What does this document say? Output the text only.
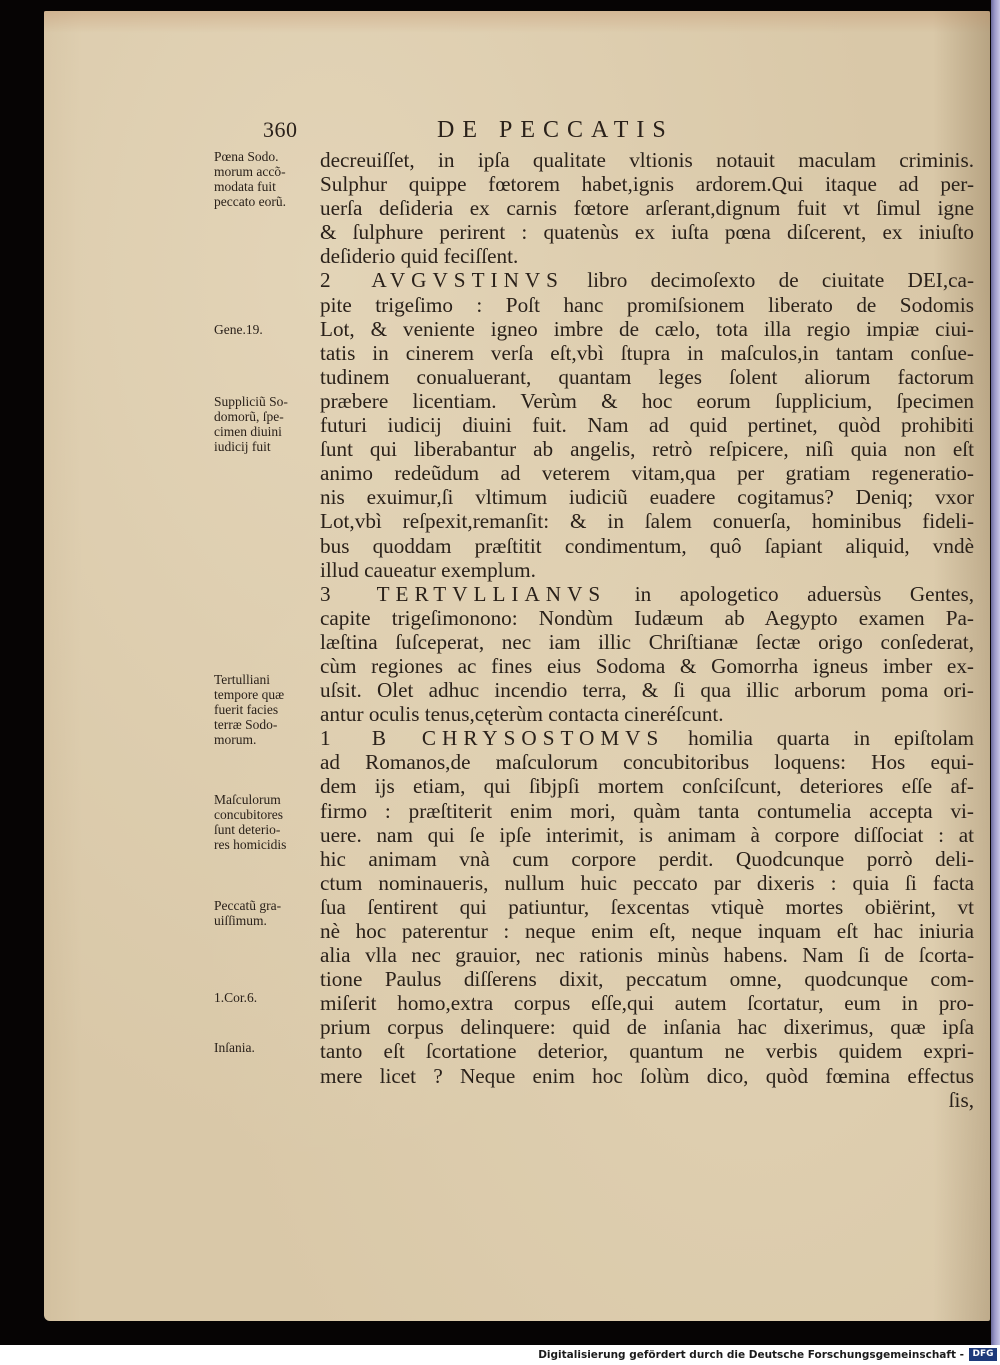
360	DE PECCATIS
decreuiſſet, in ipſa qualitate vltionis notauit maculam criminis.
Sulphur quippe fœtorem habet,ignis ardorem.Qui itaque ad per-
uerſa deſideria ex carnis fœtore arſerant,dignum fuit vt ſimul igne
& ſulphure perirent : quatenùs ex iuſta pœna diſcerent, ex iniuſto
deſiderio quid feciſſent.
2 AVGVSTINVS libro decimoſexto de ciuitate DEI,ca-
pite trigeſimo : Poſt hanc promiſsionem liberato de Sodomis
Lot, & veniente igneo imbre de cælo, tota illa regio impiæ ciui-
tatis in cinerem verſa eſt,vbì ſtupra in maſculos,in tantam conſue-
tudinem conualuerant, quantam leges ſolent aliorum factorum
præbere licentiam. Verùm & hoc eorum ſupplicium, ſpecimen
futuri iudicij diuini fuit. Nam ad quid pertinet, quòd prohibiti
ſunt qui liberabantur ab angelis, retrò reſpicere, niſì quia non eſt
animo redeũdum ad veterem vitam,qua per gratiam regeneratio-
nis exuimur,ſi vltimum iudiciũ euadere cogitamus? Deniq; vxor
Lot,vbì reſpexit,remanſit: & in ſalem conuerſa, hominibus fideli-
bus quoddam præſtitit condimentum, quô ſapiant aliquid, vndè
illud caueatur exemplum.
3 TERTVLLIANVS in apologetico aduersùs Gentes,
capite trigeſimonono: Nondùm Iudæum ab Aegypto examen Pa-
læſtina ſuſceperat, nec iam illic Chriſtianæ ſectæ origo conſederat,
cùm regiones ac fines eius Sodoma & Gomorrha igneus imber ex-
uſsit. Olet adhuc incendio terra, & ſi qua illic arborum poma ori-
antur oculis tenus,cęterùm contacta cineréſcunt.
1 B CHRYSOSTOMVS homilia quarta in epiſtolam
ad Romanos,de maſculorum concubitoribus loquens: Hos equi-
dem ijs etiam, qui ſibjpſi mortem conſciſcunt, deteriores eſſe af-
firmo : præſtiterit enim mori, quàm tanta contumelia accepta vi-
uere. nam qui ſe ipſe interimit, is animam à corpore diſſociat : at
hic animam vnà cum corpore perdit. Quodcunque porrò deli-
ctum nominaueris, nullum huic peccato par dixeris : quia ſi facta
ſua ſentirent qui patiuntur, ſexcentas vtiquè mortes obiërint, vt
nè hoc paterentur : neque enim eſt, neque inquam eſt hac iniuria
alia vlla nec grauior, nec rationis minùs habens. Nam ſi de ſcorta-
tione Paulus diſſerens dixit, peccatum omne, quodcunque com-
miſerit homo,extra corpus eſſe,qui autem ſcortatur, eum in pro-
prium corpus delinquere: quid de inſania hac dixerimus, quæ ipſa
tanto eſt ſcortatione deterior, quantum ne verbis quidem expri-
mere licet ? Neque enim hoc ſolùm dico, quòd fœmina effectus
ſis,
Pœna Sodo.
morum accõ-
modata fuit
peccato eorũ.
Gene.19.
Suppliciũ So-
domorũ, ſpe-
cimen diuini
iudicij fuit
Tertulliani
tempore quæ
fuerit facies
terræ Sodo-
morum.
Maſculorum
concubitores
ſunt deterio-
res homicidis
Peccatũ gra-
uiſſimum.
1.Cor.6.
Inſania.
Digitalisierung gefördert durch die Deutsche Forschungsgemeinschaft - DFG
